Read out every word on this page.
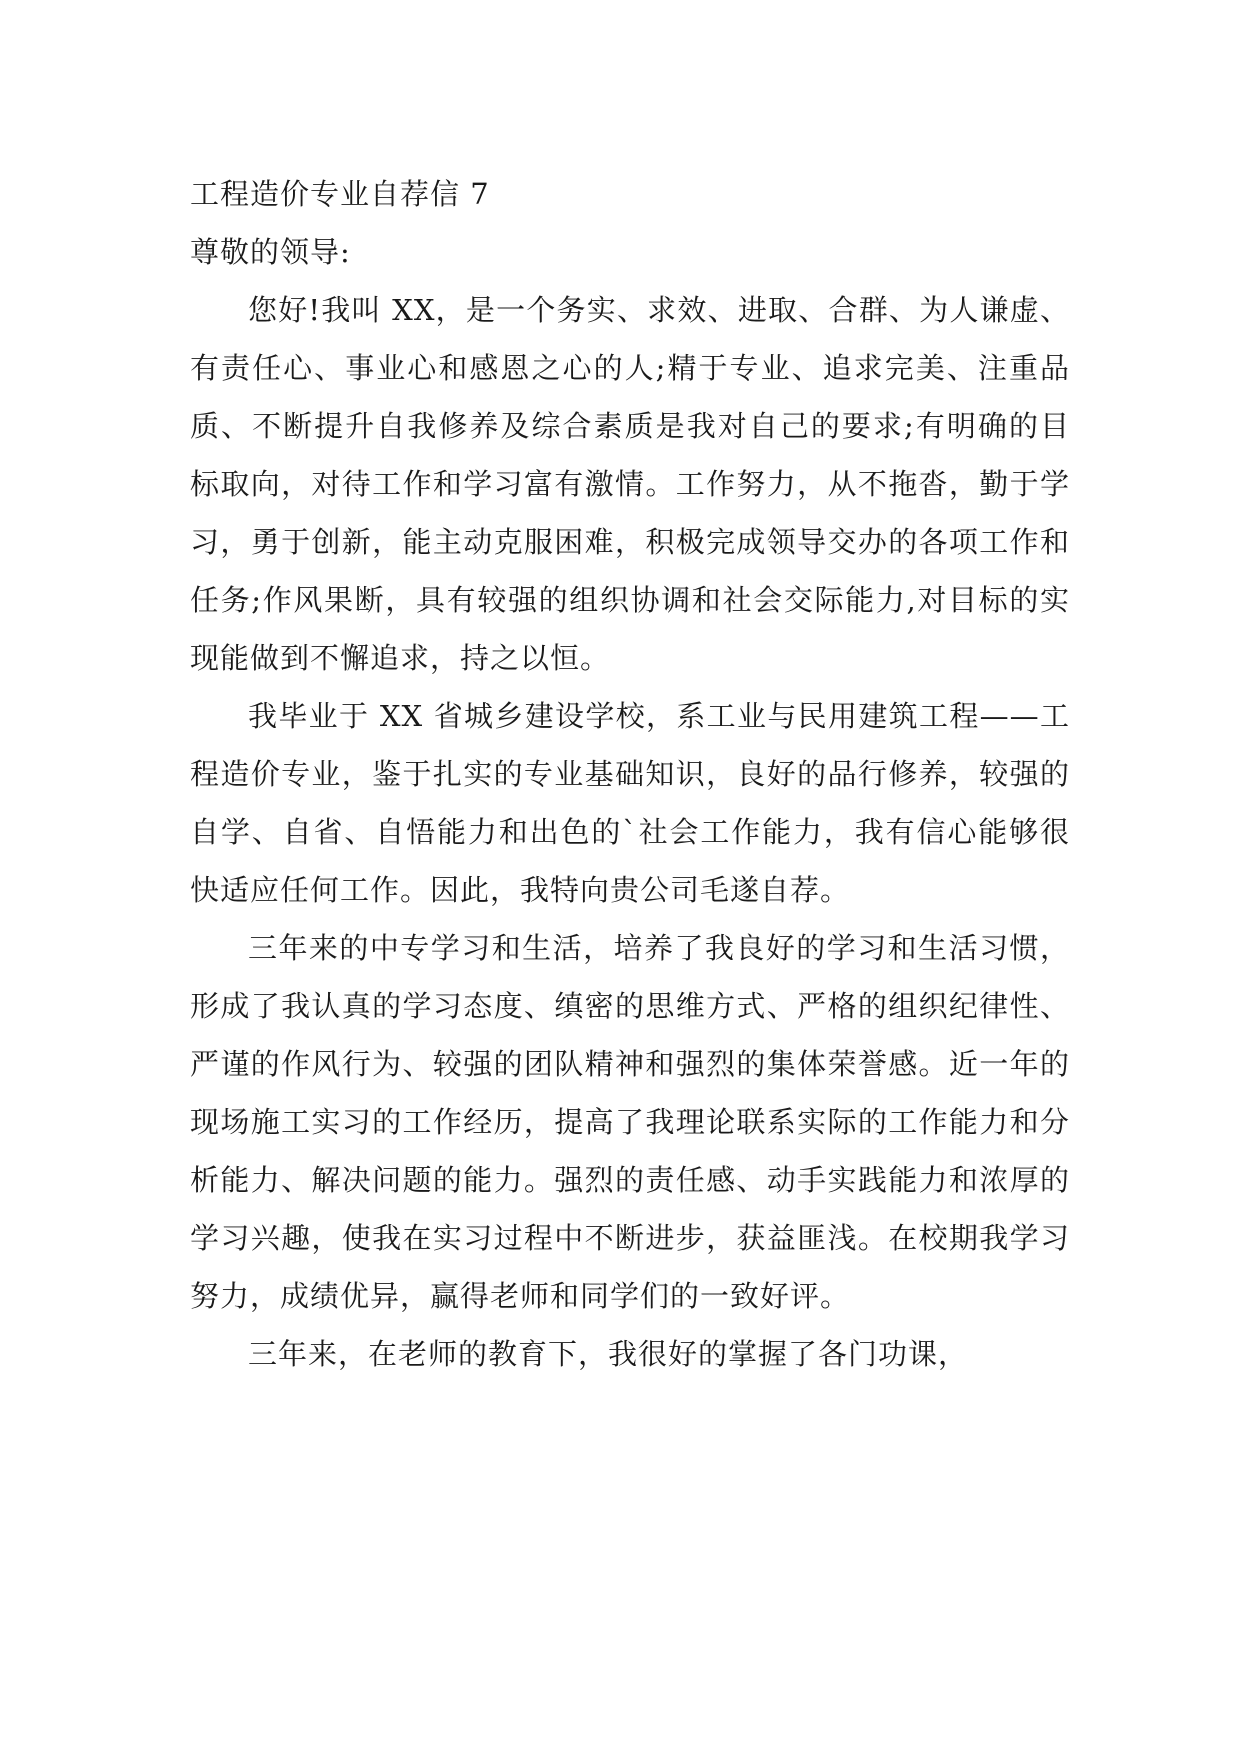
工程造价专业自荐信 7

尊敬的领导:

您好!我叫 XX，是一个务实、求效、进取、合群、为人谦虚、有责任心、事业心和感恩之心的人;精于专业、追求完美、注重品质、不断提升自我修养及综合素质是我对自己的要求;有明确的目标取向，对待工作和学习富有激情。工作努力，从不拖沓，勤于学习，勇于创新，能主动克服困难，积极完成领导交办的各项工作和任务;作风果断，具有较强的组织协调和社会交际能力,对目标的实现能做到不懈追求，持之以恒。

我毕业于 XX 省城乡建设学校，系工业与民用建筑工程——工程造价专业，鉴于扎实的专业基础知识，良好的品行修养，较强的自学、自省、自悟能力和出色的`社会工作能力，我有信心能够很快适应任何工作。因此，我特向贵公司毛遂自荐。

三年来的中专学习和生活，培养了我良好的学习和生活习惯，形成了我认真的学习态度、缜密的思维方式、严格的组织纪律性、严谨的作风行为、较强的团队精神和强烈的集体荣誉感。近一年的现场施工实习的工作经历，提高了我理论联系实际的工作能力和分析能力、解决问题的能力。强烈的责任感、动手实践能力和浓厚的学习兴趣，使我在实习过程中不断进步，获益匪浅。在校期我学习努力，成绩优异，赢得老师和同学们的一致好评。

三年来，在老师的教育下，我很好的掌握了各门功课，
